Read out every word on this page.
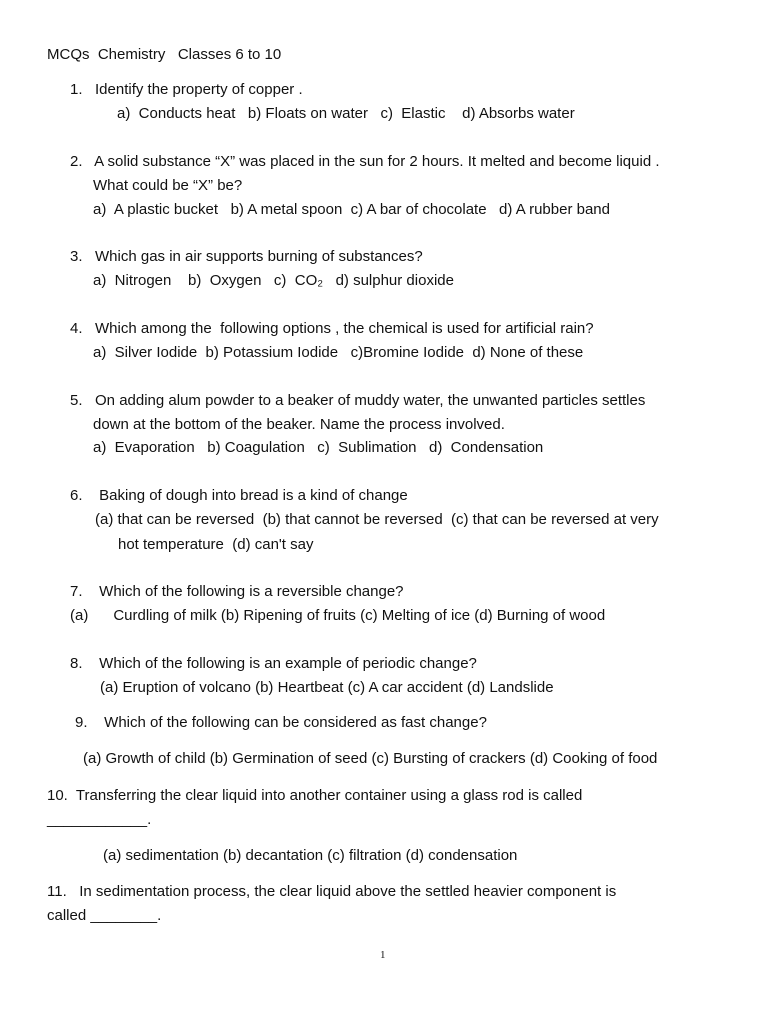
MCQs  Chemistry   Classes 6 to 10
1.   Identify the property of copper .
a)  Conducts heat   b) Floats on water   c)  Elastic    d) Absorbs water
2.   A solid substance “X” was placed in the sun for 2 hours. It melted and become liquid .
What could be “X” be?
a)  A plastic bucket   b) A metal spoon  c) A bar of chocolate   d) A rubber band
3.   Which gas in air supports burning of substances?
a)  Nitrogen    b)  Oxygen   c)  CO₂   d) sulphur dioxide
4.   Which among the  following options , the chemical is used for artificial rain?
a)  Silver Iodide  b) Potassium Iodide   c)Bromine Iodide  d) None of these
5.   On adding alum powder to a beaker of muddy water, the unwanted particles settles
down at the bottom of the beaker. Name the process involved.
a)  Evaporation   b) Coagulation   c)  Sublimation   d)  Condensation
6.    Baking of dough into bread is a kind of change
(a) that can be reversed  (b) that cannot be reversed  (c) that can be reversed at very
hot temperature  (d) can't say
7.    Which of the following is a reversible change?
(a)      Curdling of milk (b) Ripening of fruits (c) Melting of ice (d) Burning of wood
8.    Which of the following is an example of periodic change?
(a) Eruption of volcano (b) Heartbeat (c) A car accident (d) Landslide
9.    Which of the following can be considered as fast change?
(a) Growth of child (b) Germination of seed (c) Bursting of crackers (d) Cooking of food
10.  Transferring the clear liquid into another container using a glass rod is called
____________.
(a) sedimentation (b) decantation (c) filtration (d) condensation
11.   In sedimentation process, the clear liquid above the settled heavier component is
called ________.
1
